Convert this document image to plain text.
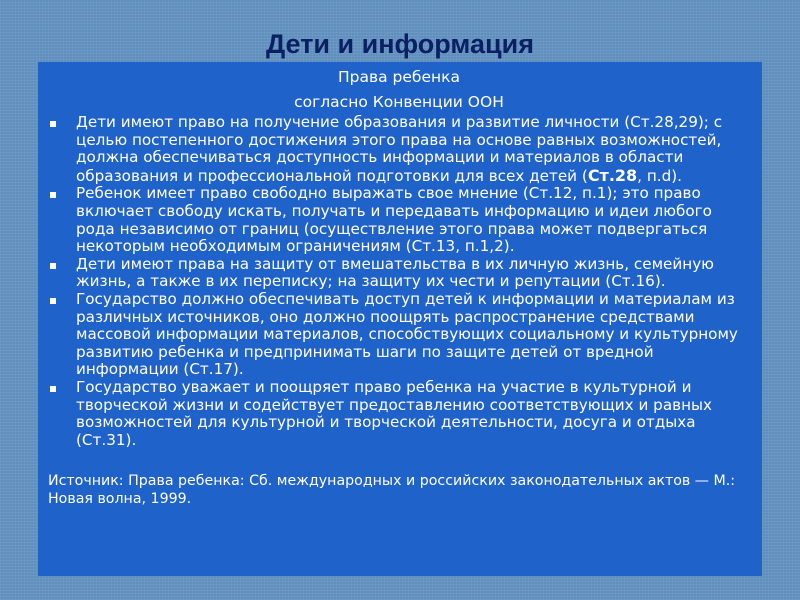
Дети и информация
Права ребенка
согласно Конвенции ООН
Дети имеют право на получение образования и развитие личности (Ст.28,29); с целью постепенного достижения этого права на основе равных возможностей, должна обеспечиваться доступность информации и материалов в области образования и профессиональной подготовки для всех детей (Ст.28, п.d).
Ребенок имеет право свободно выражать свое мнение (Ст.12, п.1); это право включает свободу искать, получать и передавать информацию и идеи любого рода независимо от границ (осуществление этого права может подвергаться некоторым необходимым ограничениям (Ст.13, п.1,2).
Дети имеют права на защиту от вмешательства в их личную жизнь, семейную жизнь, а также в их переписку; на защиту их чести и репутации (Ст.16).
Государство должно обеспечивать доступ детей к информации и материалам из различных источников, оно должно поощрять распространение средствами массовой информации материалов, способствующих социальному и культурному развитию ребенка и предпринимать шаги по защите детей от вредной информации (Ст.17).
Государство уважает и поощряет право ребенка на участие в культурной и творческой жизни и содействует предоставлению соответствующих и равных возможностей для культурной и творческой деятельности, досуга и отдыха (Ст.31).
Источник: Права ребенка: Сб. международных и российских законодательных актов — М.: Новая волна, 1999.
